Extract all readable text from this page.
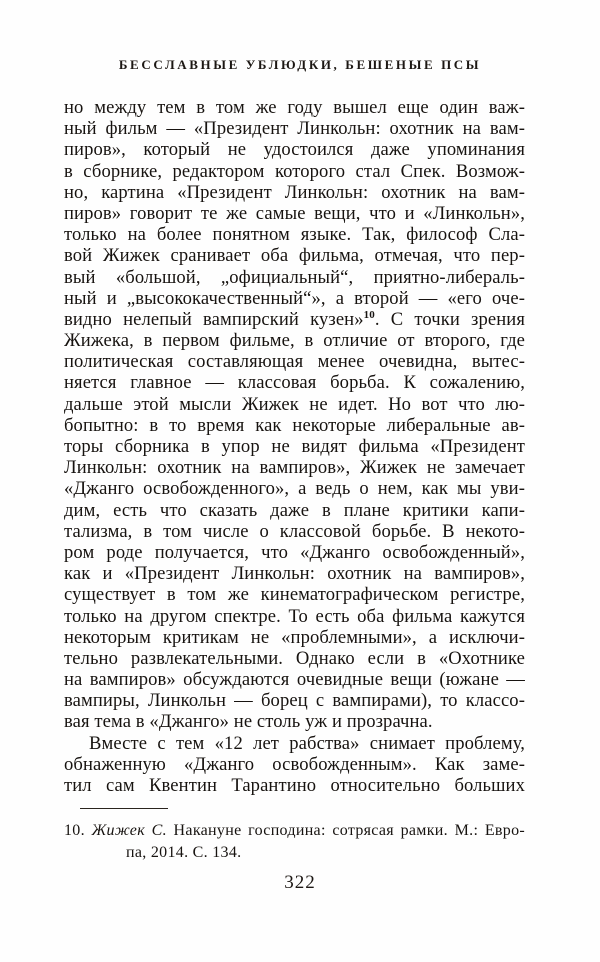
БЕССЛАВНЫЕ УБЛЮДКИ, БЕШЕНЫЕ ПСЫ
но между тем в том же году вышел еще один важ-
ный фильм — «Президент Линкольн: охотник на вам-
пиров», который не удостоился даже упоминания
в сборнике, редактором которого стал Спек. Возмож-
но, картина «Президент Линкольн: охотник на вам-
пиров» говорит те же самые вещи, что и «Линкольн»,
только на более понятном языке. Так, философ Сла-
вой Жижек сранивает оба фильма, отмечая, что пер-
вый «большой, „официальный“, приятно-либераль-
ный и „высококачественный“», а второй — «его оче-
видно нелепый вампирский кузен»$^{10}$. С точки зрения
Жижека, в первом фильме, в отличие от второго, где
политическая составляющая менее очевидна, вытес-
няется главное — классовая борьба. К сожалению,
дальше этой мысли Жижек не идет. Но вот что лю-
бопытно: в то время как некоторые либеральные ав-
торы сборника в упор не видят фильма «Президент
Линкольн: охотник на вампиров», Жижек не замечает
«Джанго освобожденного», а ведь о нем, как мы уви-
дим, есть что сказать даже в плане критики капи-
тализма, в том числе о классовой борьбе. В некото-
ром роде получается, что «Джанго освобожденный»,
как и «Президент Линкольн: охотник на вампиров»,
существует в том же кинематографическом регистре,
только на другом спектре. То есть оба фильма кажутся
некоторым критикам не «проблемными», а исключи-
тельно развлекательными. Однако если в «Охотнике
на вампиров» обсуждаются очевидные вещи (южане —
вампиры, Линкольн — борец с вампирами), то классо-
вая тема в «Джанго» не столь уж и прозрачна.
Вместе с тем «12 лет рабства» снимает проблему,
обнаженную «Джанго освобожденным». Как заме-
тил сам Квентин Тарантино относительно больших
10. Жижек С. Накануне господина: сотрясая рамки. М.: Евро-
па, 2014. С. 134.
322
